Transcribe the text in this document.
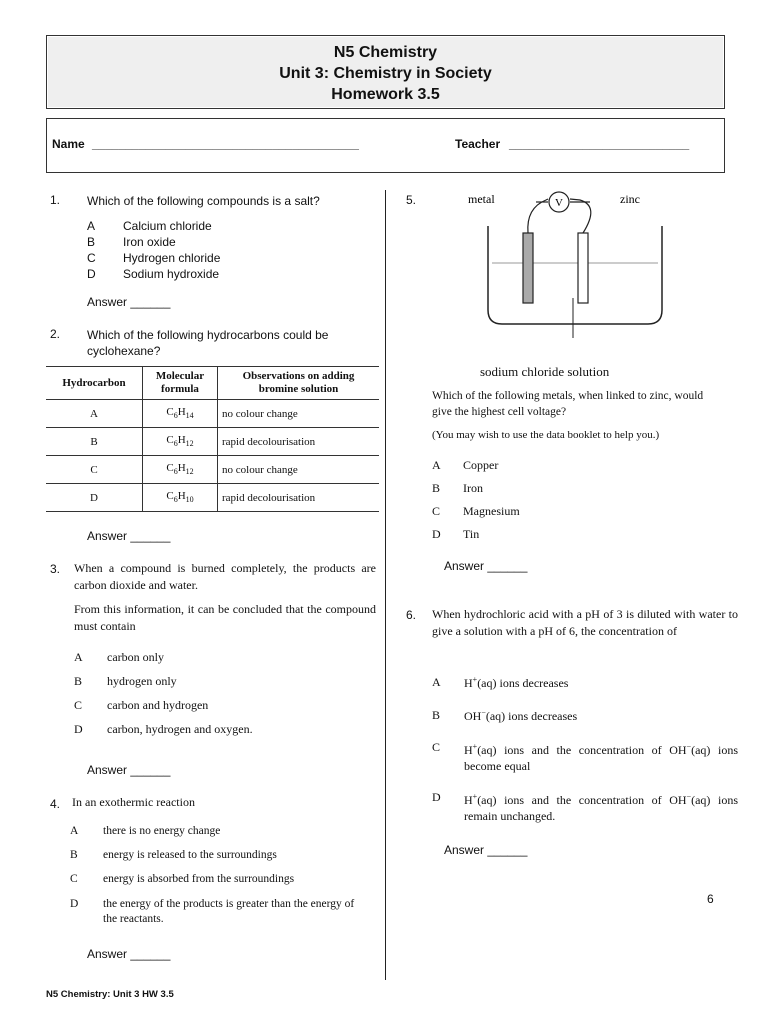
N5 Chemistry
Unit 3: Chemistry in Society
Homework 3.5
Name ________________________________________	Teacher ___________________________
1. Which of the following compounds is a salt?
A Calcium chloride
B Iron oxide
C Hydrogen chloride
D Sodium hydroxide
Answer ______
2. Which of the following hydrocarbons could be cyclohexane?
Hydrocarbon	Molecular formula	Observations on adding bromine solution
A	$C_6H_{14}$	no colour change
B	$C_6H_{12}$	rapid decolourisation
C	$C_6H_{12}$	no colour change
D	$C_6H_{10}$	rapid decolourisation
Answer ______
3. When a compound is burned completely, the products are carbon dioxide and water.
From this information, it can be concluded that the compound must contain
A carbon only
B hydrogen only
C carbon and hydrogen
D carbon, hydrogen and oxygen.
Answer ______
4. In an exothermic reaction
A there is no energy change
B energy is released to the surroundings
C energy is absorbed from the surroundings
D	the energy of the products is greater than the energy of the reactants.
Answer ______
5.	V
metal	zinc
sodium chloride solution
Which of the following metals, when linked to zinc, would give the highest cell voltage?
(You may wish to use the data booklet to help you.)
A Copper
B Iron
C Magnesium
D Tin
Answer ______
6. When hydrochloric acid with a pH of 3 is diluted with water to give a solution with a pH of 6, the concentration of
A	H+(aq) ions decreases
B	OH−(aq) ions decreases
C	H+(aq) ions and the concentration of OH−(aq) ions become equal
D	H+(aq) ions and the concentration of OH−(aq) ions remain unchanged.
Answer ______
6
N5 Chemistry: Unit 3 HW 3.5
